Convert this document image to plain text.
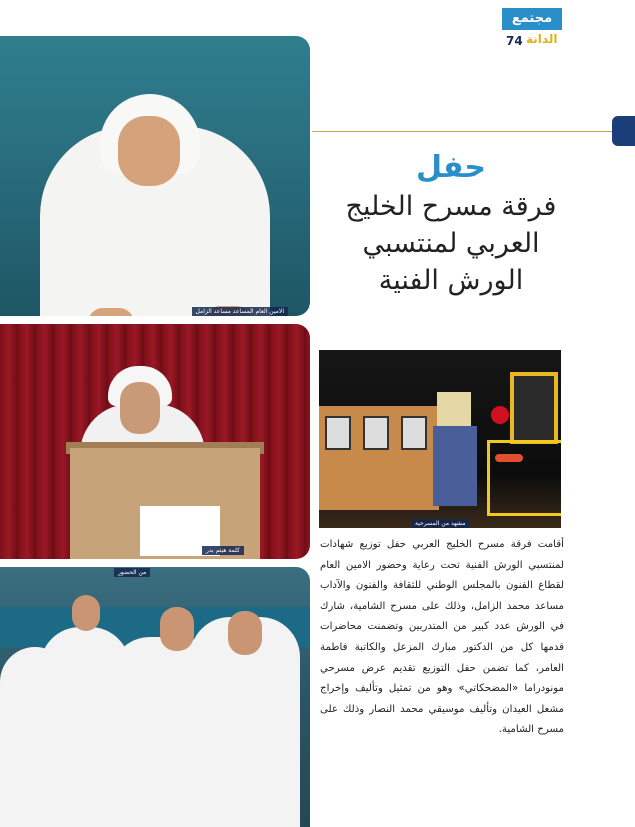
مجتمع
74 الدانة
حفل
فرقة مسرح الخليج العربي لمنتسبي الورش الفنية
الامين العام المساعد مساعد الزامل
كلمة هيثم بدر
مشهد من المسرحية
من الحضور
أقامت فرقة مسرح الخليج العربي حفل توزيع شهادات لمنتسبي الورش الفنية تحت رعاية وحضور الامين العام لقطاع الفنون بالمجلس الوطني للثقافة والفنون والآداب مساعد محمد الزامل، وذلك على مسرح الشامية، شارك في الورش عدد كبير من المتدربين وتضمنت محاضرات قدمها كل من الدكتور مبارك المزعل والكاتبة فاطمة العامر، كما تضمن حفل التوزيع تقديم عرض مسرحي مونودراما «المضحكاتي» وهو من تمثيل وتأليف وإخراج مشعل العيدان وتأليف موسيقي محمد النصار وذلك على مسرح الشامية.
